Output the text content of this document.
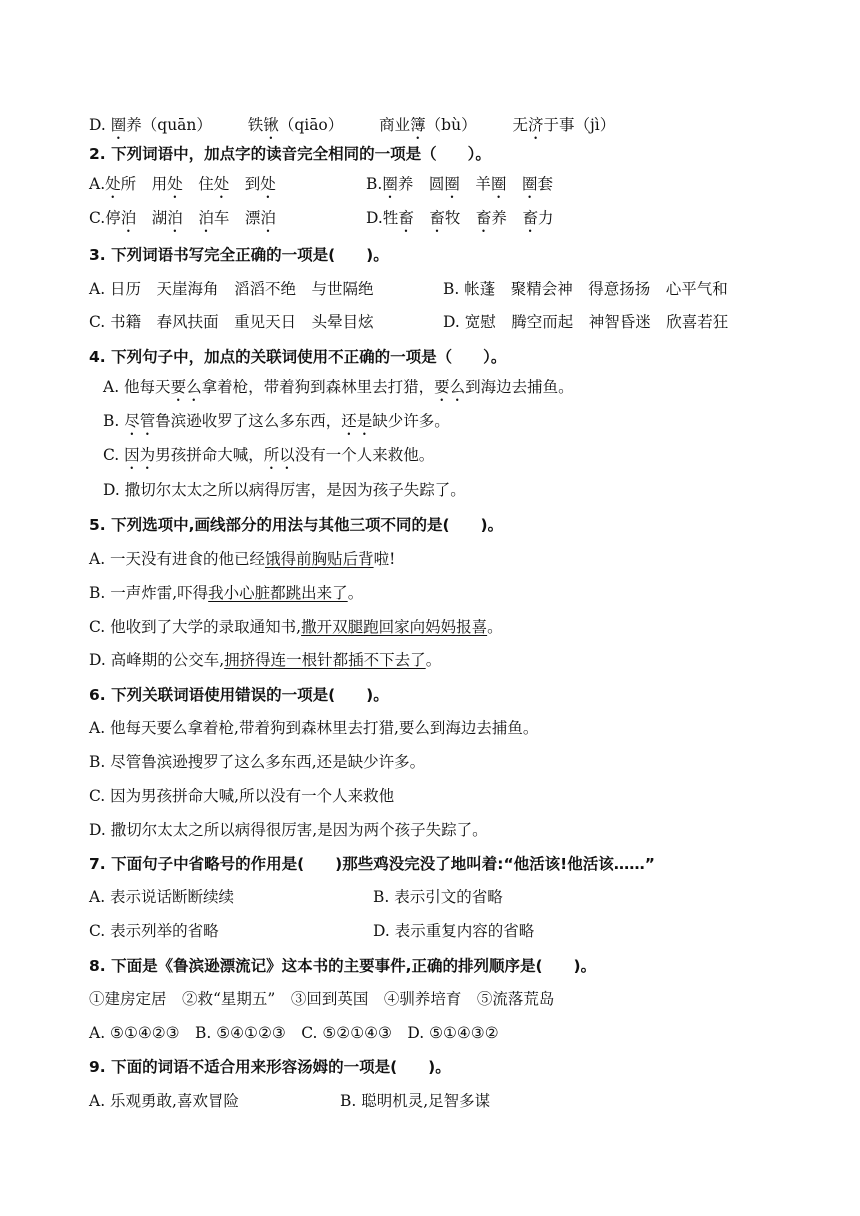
D. 圈养（quān） 铁锹（qiāo） 商业簿（bù） 无济于事（jì）
2. 下列词语中，加点字的读音完全相同的一项是（　　）。
A.处所　 用处　 住处　 到处	B.圈养　 圆圈　 羊圈　 圈套
C.停泊　 湖泊　 泊车　 漂泊	D.牲畜　 畜牧　 畜养　 畜力
3. 下列词语书写完全正确的一项是(　　)。
A. 日历　天崖海角　滔滔不绝　与世隔绝	B. 帐蓬　聚精会神　得意扬扬　心平气和
C. 书籍　春风扶面　重见天日　头晕目炫	D. 宽慰　腾空而起　神智昏迷　欣喜若狂
4. 下列句子中，加点的关联词使用不正确的一项是（　　）。
A. 他每天要么拿着枪，带着狗到森林里去打猎，要么到海边去捕鱼。
B. 尽管鲁滨逊收罗了这么多东西，还是缺少许多。
C. 因为男孩拼命大喊，所以没有一个人来救他。
D. 撒切尔太太之所以病得厉害，是因为孩子失踪了。
5. 下列选项中,画线部分的用法与其他三项不同的是(　　)。
A. 一天没有进食的他已经饿得前胸贴后背啦!
B. 一声炸雷,吓得我小心脏都跳出来了。
C. 他收到了大学的录取通知书,撒开双腿跑回家向妈妈报喜。
D. 高峰期的公交车,拥挤得连一根针都插不下去了。
6. 下列关联词语使用错误的一项是(　　)。
A. 他每天要么拿着枪,带着狗到森林里去打猎,要么到海边去捕鱼。
B. 尽管鲁滨逊搜罗了这么多东西,还是缺少许多。
C. 因为男孩拼命大喊,所以没有一个人来救他
D. 撒切尔太太之所以病得很厉害,是因为两个孩子失踪了。
7. 下面句子中省略号的作用是(　　)那些鸡没完没了地叫着:“他活该!他活该……”
A. 表示说话断断续续	B. 表示引文的省略
C. 表示列举的省略	D. 表示重复内容的省略
8. 下面是《鲁滨逊漂流记》这本书的主要事件,正确的排列顺序是(　　)。
①建房定居　②救“星期五”　③回到英国　④驯养培育　⑤流落荒岛
A. ⑤①④②③　B. ⑤④①②③　C. ⑤②①④③　D. ⑤①④③②
9. 下面的词语不适合用来形容汤姆的一项是(　　)。
A. 乐观勇敢,喜欢冒险	B. 聪明机灵,足智多谋
